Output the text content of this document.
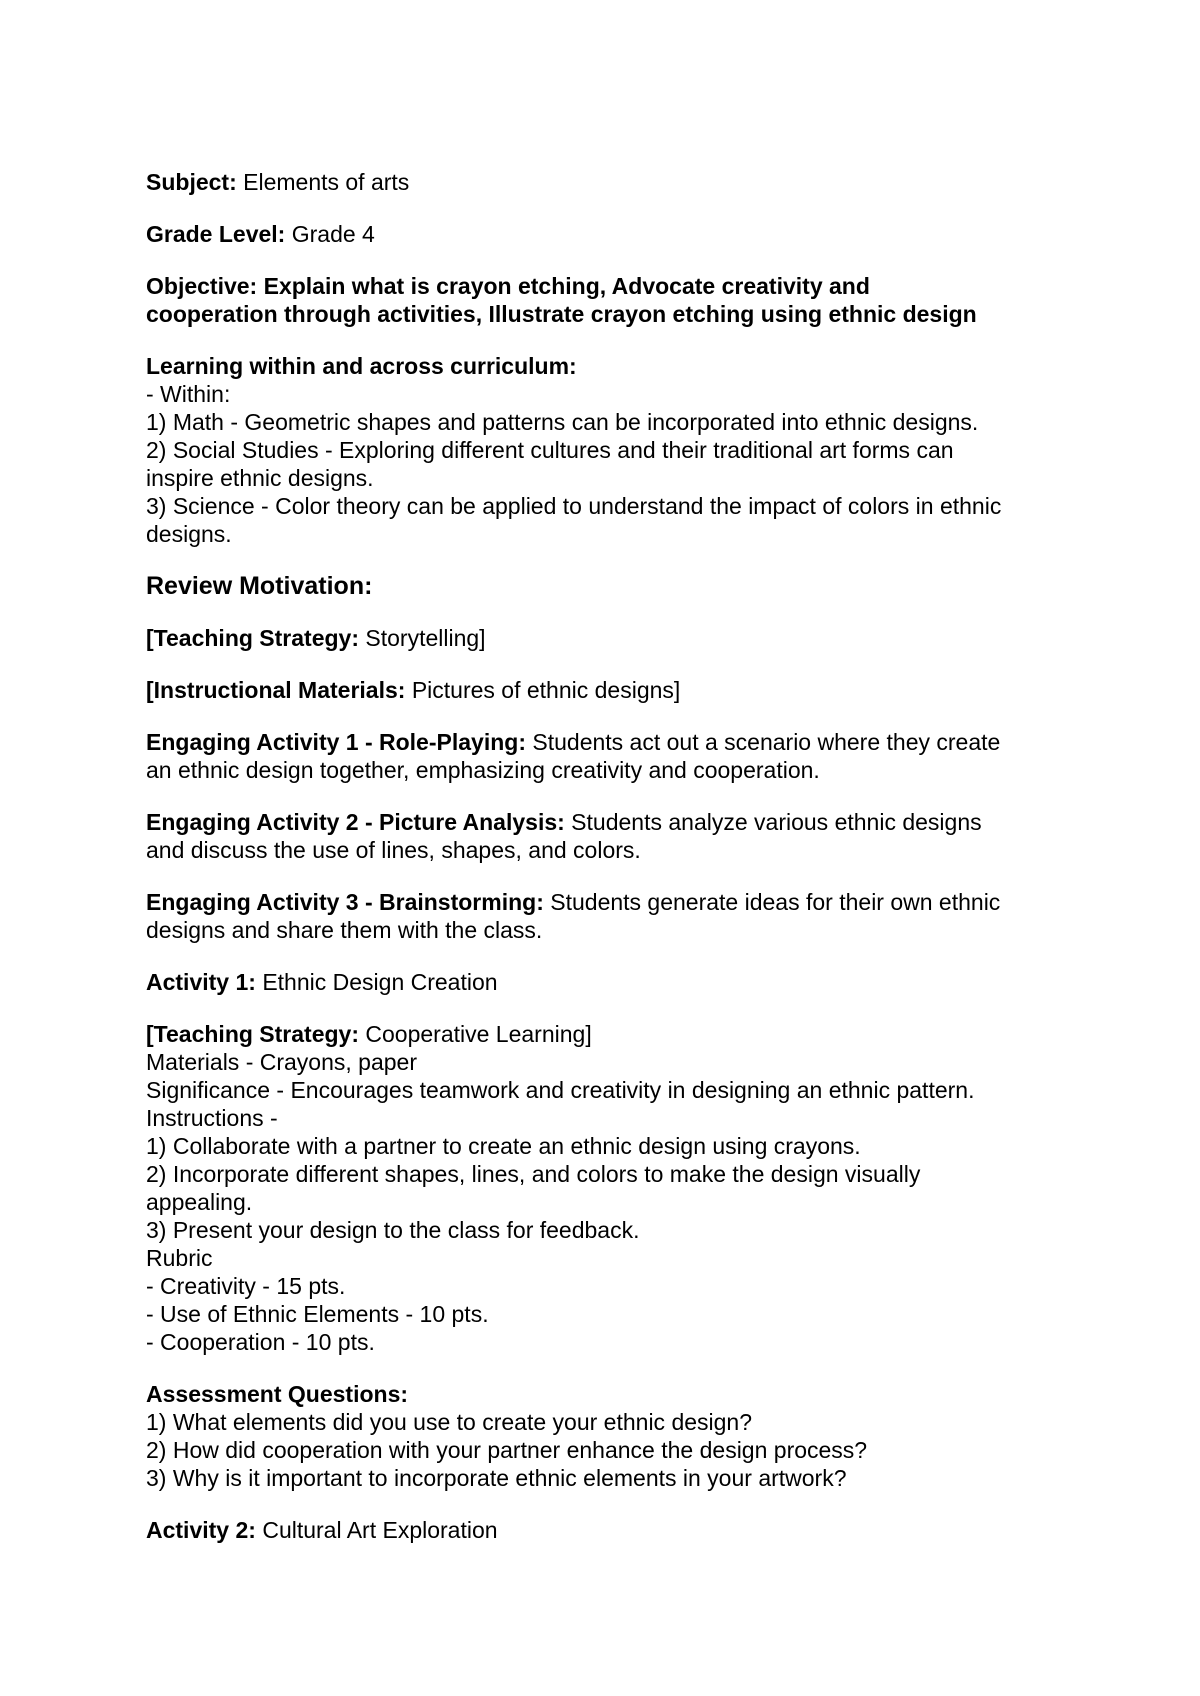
Subject: Elements of arts

Grade Level: Grade 4

Objective: Explain what is crayon etching, Advocate creativity and

cooperation through activities, Illustrate crayon etching using ethnic design

Learning within and across curriculum:

- Within:

1) Math - Geometric shapes and patterns can be incorporated into ethnic designs.

2) Social Studies - Exploring different cultures and their traditional art forms can

inspire ethnic designs.

3) Science - Color theory can be applied to understand the impact of colors in ethnic

designs.

Review Motivation:

[Teaching Strategy: Storytelling]

[Instructional Materials: Pictures of ethnic designs]

Engaging Activity 1 - Role-Playing: Students act out a scenario where they create

an ethnic design together, emphasizing creativity and cooperation.

Engaging Activity 2 - Picture Analysis: Students analyze various ethnic designs

and discuss the use of lines, shapes, and colors.

Engaging Activity 3 - Brainstorming: Students generate ideas for their own ethnic

designs and share them with the class.

Activity 1: Ethnic Design Creation

[Teaching Strategy: Cooperative Learning]

Materials - Crayons, paper

Significance - Encourages teamwork and creativity in designing an ethnic pattern.

Instructions -

1) Collaborate with a partner to create an ethnic design using crayons.

2) Incorporate different shapes, lines, and colors to make the design visually

appealing.

3) Present your design to the class for feedback.

Rubric

- Creativity - 15 pts.

- Use of Ethnic Elements - 10 pts.

- Cooperation - 10 pts.

Assessment Questions:

1) What elements did you use to create your ethnic design?

2) How did cooperation with your partner enhance the design process?

3) Why is it important to incorporate ethnic elements in your artwork?

Activity 2: Cultural Art Exploration
